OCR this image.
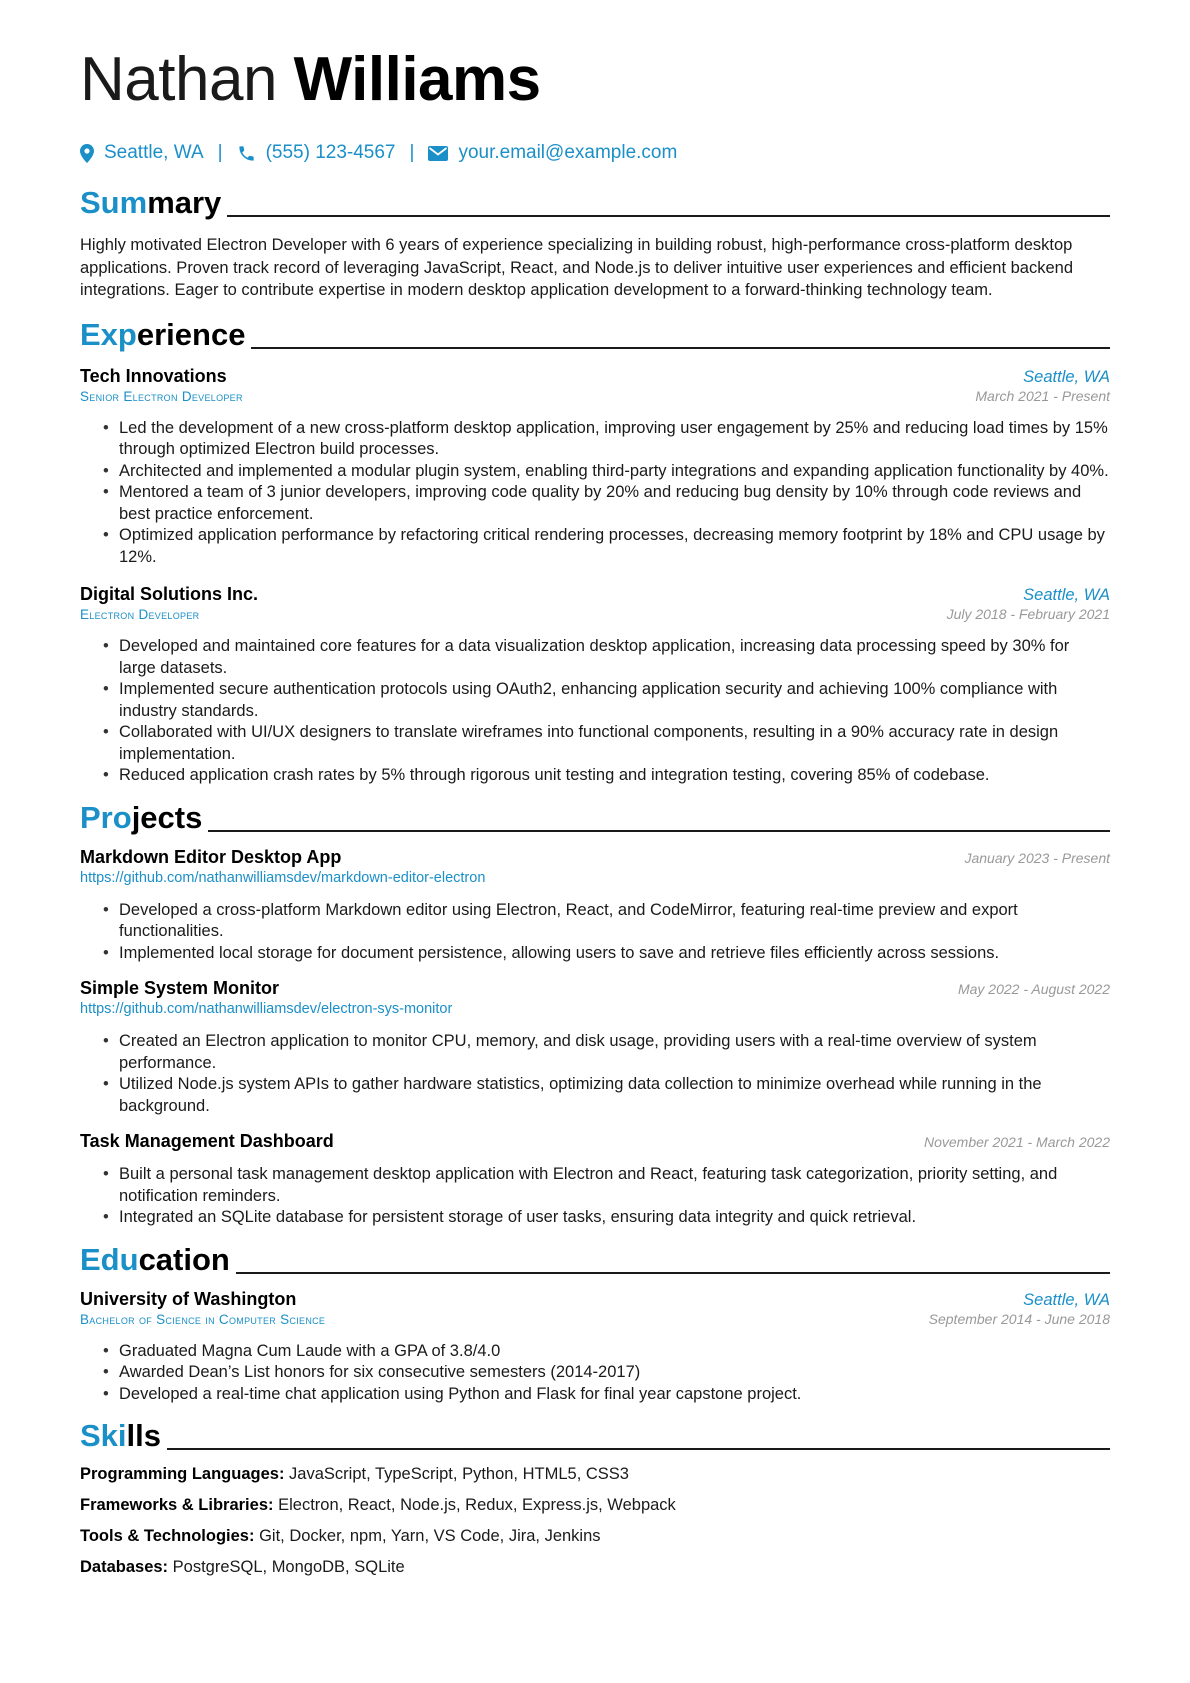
Nathan Williams
Seattle, WA | (555) 123-4567 | your.email@example.com
Summary
Highly motivated Electron Developer with 6 years of experience specializing in building robust, high-performance cross-platform desktop applications. Proven track record of leveraging JavaScript, React, and Node.js to deliver intuitive user experiences and efficient backend integrations. Eager to contribute expertise in modern desktop application development to a forward-thinking technology team.
Experience
Tech Innovations	Seattle, WA
Senior Electron Developer	March 2021 - Present
• Led the development of a new cross-platform desktop application, improving user engagement by 25% and reducing load times by 15% through optimized Electron build processes.
• Architected and implemented a modular plugin system, enabling third-party integrations and expanding application functionality by 40%.
• Mentored a team of 3 junior developers, improving code quality by 20% and reducing bug density by 10% through code reviews and best practice enforcement.
• Optimized application performance by refactoring critical rendering processes, decreasing memory footprint by 18% and CPU usage by 12%.
Digital Solutions Inc.	Seattle, WA
Electron Developer	July 2018 - February 2021
• Developed and maintained core features for a data visualization desktop application, increasing data processing speed by 30% for large datasets.
• Implemented secure authentication protocols using OAuth2, enhancing application security and achieving 100% compliance with industry standards.
• Collaborated with UI/UX designers to translate wireframes into functional components, resulting in a 90% accuracy rate in design implementation.
• Reduced application crash rates by 5% through rigorous unit testing and integration testing, covering 85% of codebase.
Projects
Markdown Editor Desktop App	January 2023 - Present
https://github.com/nathanwilliamsdev/markdown-editor-electron
• Developed a cross-platform Markdown editor using Electron, React, and CodeMirror, featuring real-time preview and export functionalities.
• Implemented local storage for document persistence, allowing users to save and retrieve files efficiently across sessions.
Simple System Monitor	May 2022 - August 2022
https://github.com/nathanwilliamsdev/electron-sys-monitor
• Created an Electron application to monitor CPU, memory, and disk usage, providing users with a real-time overview of system performance.
• Utilized Node.js system APIs to gather hardware statistics, optimizing data collection to minimize overhead while running in the background.
Task Management Dashboard	November 2021 - March 2022
• Built a personal task management desktop application with Electron and React, featuring task categorization, priority setting, and notification reminders.
• Integrated an SQLite database for persistent storage of user tasks, ensuring data integrity and quick retrieval.
Education
University of Washington	Seattle, WA
Bachelor of Science in Computer Science	September 2014 - June 2018
• Graduated Magna Cum Laude with a GPA of 3.8/4.0
• Awarded Dean’s List honors for six consecutive semesters (2014-2017)
• Developed a real-time chat application using Python and Flask for final year capstone project.
Skills
Programming Languages: JavaScript, TypeScript, Python, HTML5, CSS3
Frameworks & Libraries: Electron, React, Node.js, Redux, Express.js, Webpack
Tools & Technologies: Git, Docker, npm, Yarn, VS Code, Jira, Jenkins
Databases: PostgreSQL, MongoDB, SQLite
